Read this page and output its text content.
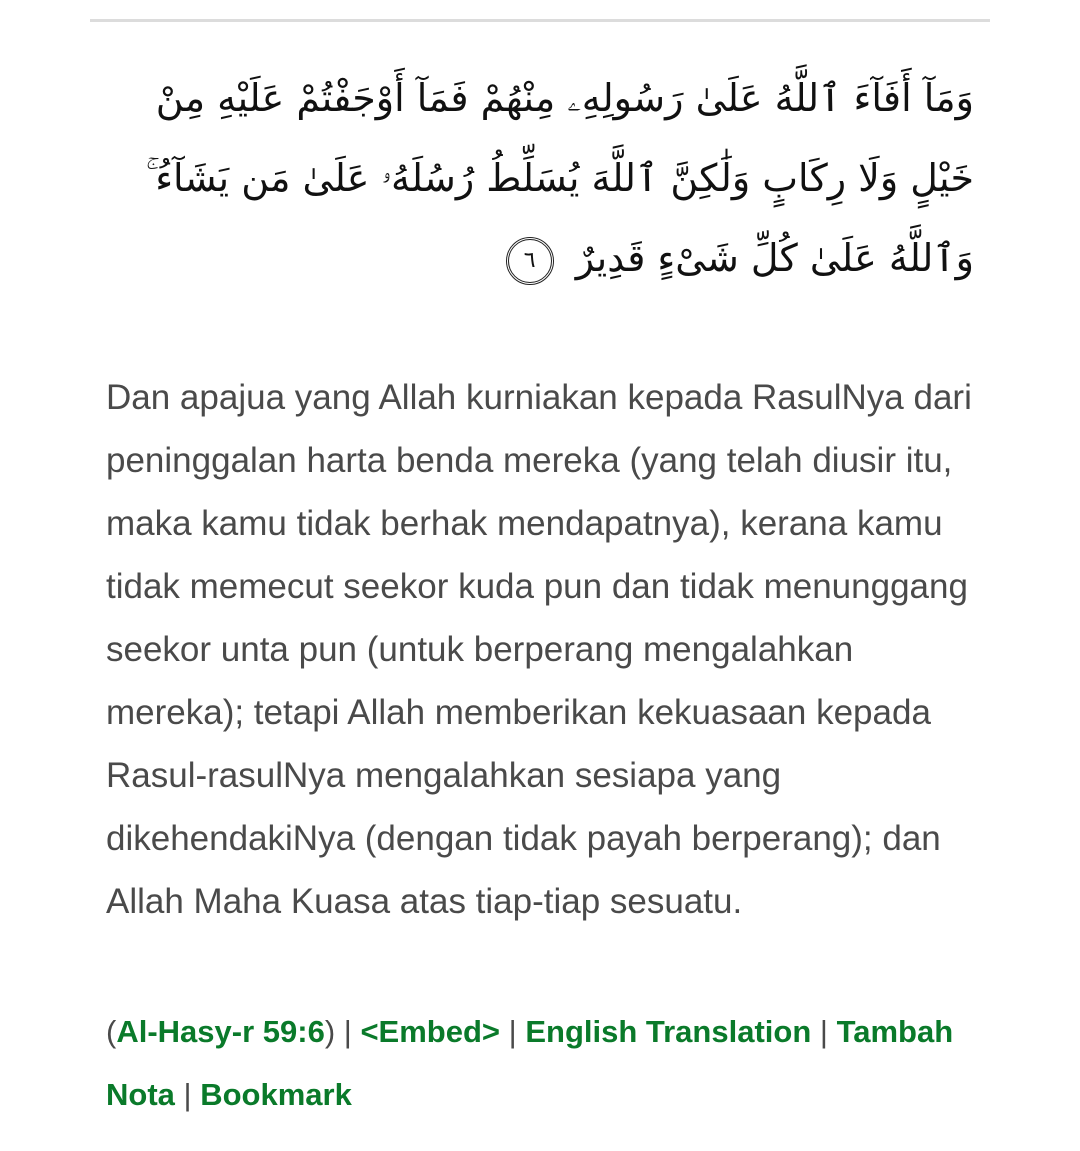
وَمَآ أَفَآءَ ٱللَّهُ عَلَىٰ رَسُولِهِۦ مِنْهُمْ فَمَآ أَوْجَفْتُمْ عَلَيْهِ مِنْ خَيْلٍ وَلَا رِكَابٍ وَلَٰكِنَّ ٱللَّهَ يُسَلِّطُ رُسُلَهُۥ عَلَىٰ مَن يَشَآءُ ۚ وَٱللَّهُ عَلَىٰ كُلِّ شَىْءٍ قَدِيرٌ ٦
Dan apajua yang Allah kurniakan kepada RasulNya dari peninggalan harta benda mereka (yang telah diusir itu, maka kamu tidak berhak mendapatnya), kerana kamu tidak memecut seekor kuda pun dan tidak menunggang seekor unta pun (untuk berperang mengalahkan mereka); tetapi Allah memberikan kekuasaan kepada Rasul-rasulNya mengalahkan sesiapa yang dikehendakiNya (dengan tidak payah berperang); dan Allah Maha Kuasa atas tiap-tiap sesuatu.
(Al-Hasy-r 59:6) | <Embed> | English Translation | Tambah Nota | Bookmark
